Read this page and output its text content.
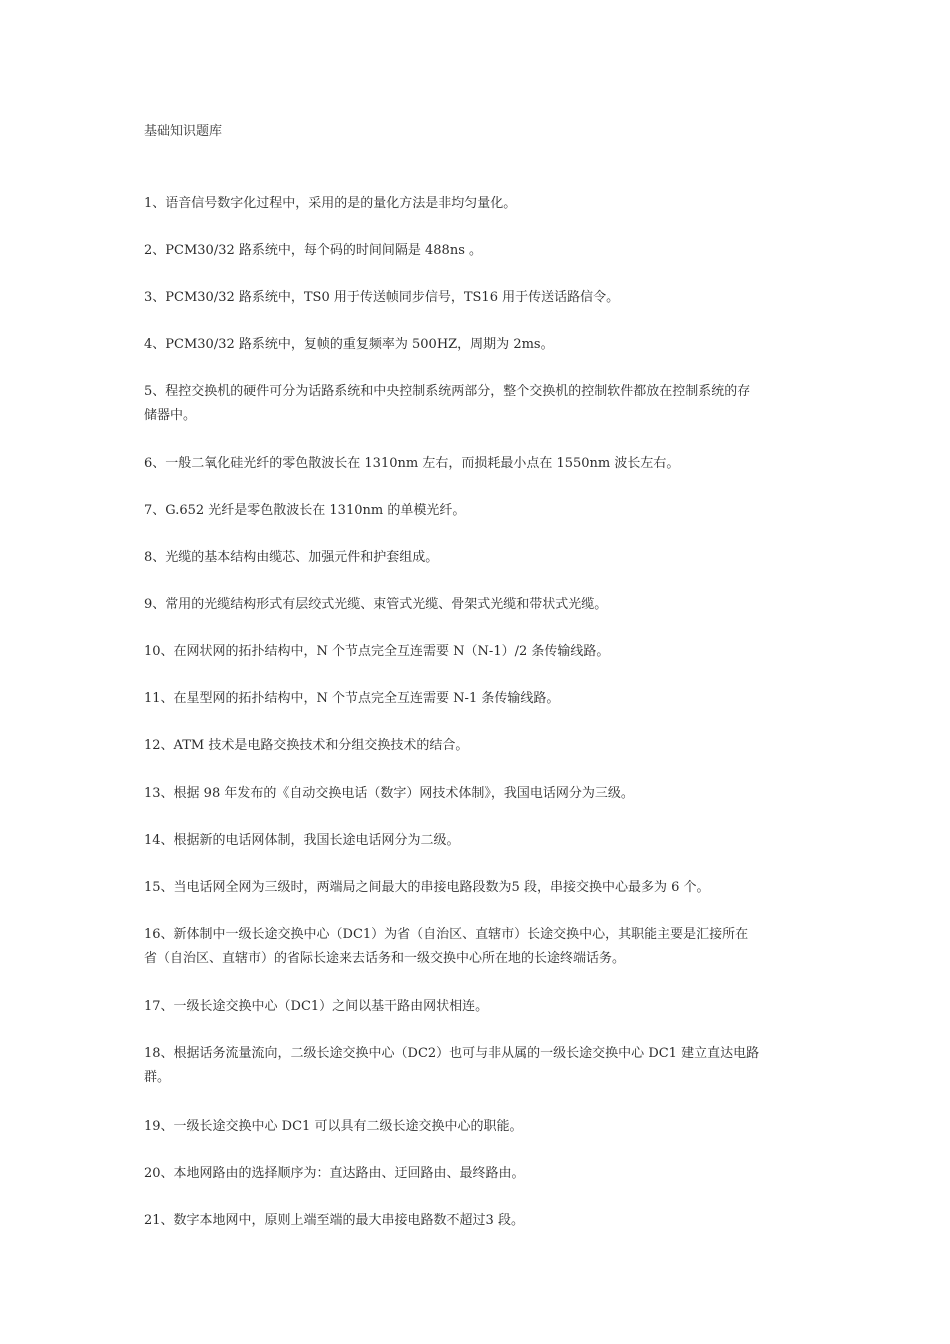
基础知识题库

1、语音信号数字化过程中，采用的是的量化方法是非均匀量化。

2、PCM30/32 路系统中，每个码的时间间隔是 488ns 。

3、PCM30/32 路系统中，TS0 用于传送帧同步信号，TS16 用于传送话路信令。

4、PCM30/32 路系统中，复帧的重复频率为 500HZ，周期为 2ms。

5、程控交换机的硬件可分为话路系统和中央控制系统两部分，整个交换机的控制软件都放在控制系统的存
储器中。

6、一般二氧化硅光纤的零色散波长在 1310nm 左右，而损耗最小点在 1550nm 波长左右。

7、G.652 光纤是零色散波长在 1310nm 的单模光纤。

8、光缆的基本结构由缆芯、加强元件和护套组成。

9、常用的光缆结构形式有层绞式光缆、束管式光缆、骨架式光缆和带状式光缆。

10、在网状网的拓扑结构中，N 个节点完全互连需要 N（N-1）/2 条传输线路。

11、在星型网的拓扑结构中，N 个节点完全互连需要 N-1 条传输线路。

12、ATM 技术是电路交换技术和分组交换技术的结合。

13、根据 98 年发布的《自动交换电话（数字）网技术体制》，我国电话网分为三级。

14、根据新的电话网体制，我国长途电话网分为二级。

15、当电话网全网为三级时，两端局之间最大的串接电路段数为5 段，串接交换中心最多为 6 个。

16、新体制中一级长途交换中心（DC1）为省（自治区、直辖市）长途交换中心，其职能主要是汇接所在
省（自治区、直辖市）的省际长途来去话务和一级交换中心所在地的长途终端话务。

17、一级长途交换中心（DC1）之间以基干路由网状相连。

18、根据话务流量流向，二级长途交换中心（DC2）也可与非从属的一级长途交换中心 DC1 建立直达电路
群。

19、一级长途交换中心 DC1 可以具有二级长途交换中心的职能。

20、本地网路由的选择顺序为：直达路由、迂回路由、最终路由。

21、数字本地网中，原则上端至端的最大串接电路数不超过3 段。
